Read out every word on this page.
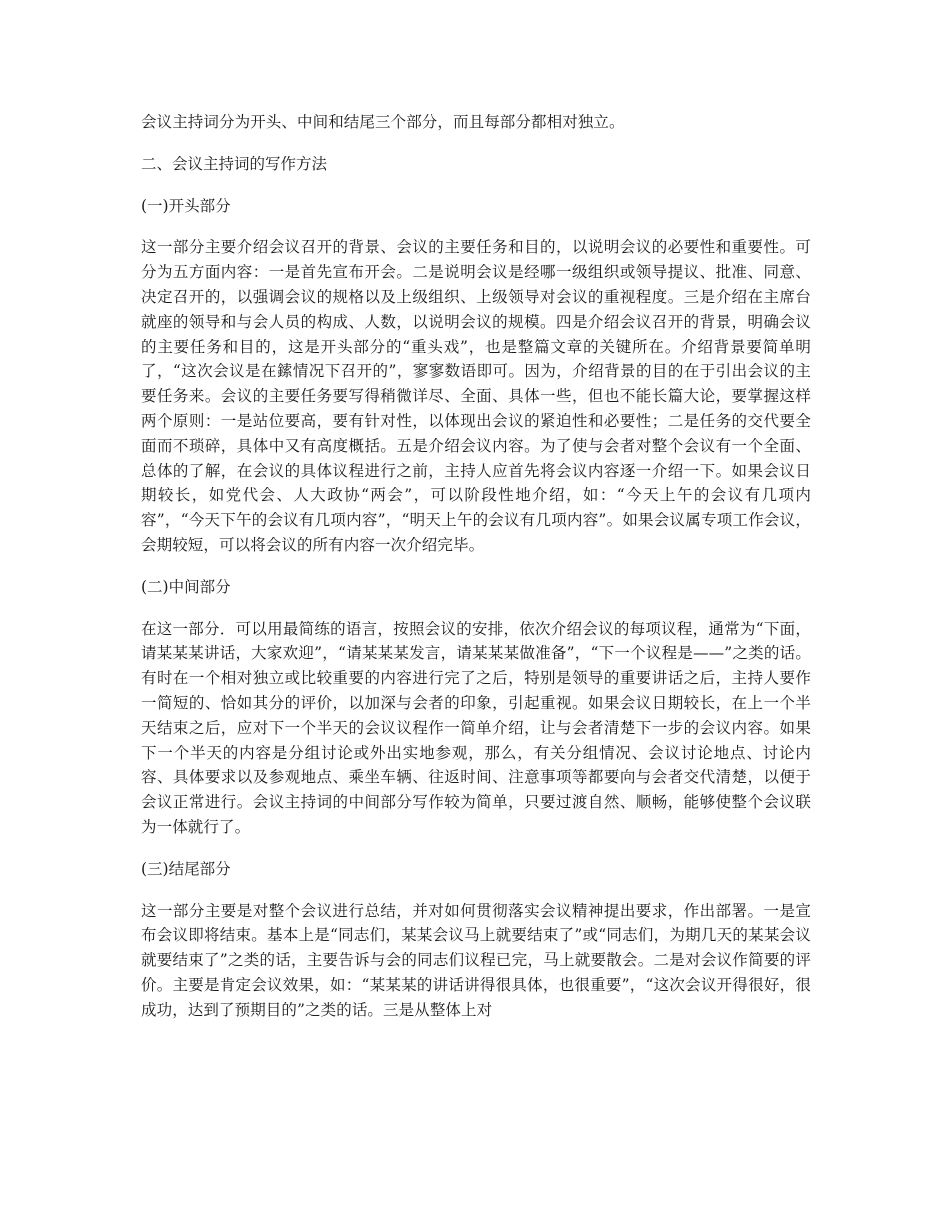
会议主持词分为开头、中间和结尾三个部分，而且每部分都相对独立。

二、会议主持词的写作方法

(一)开头部分

这一部分主要介绍会议召开的背景、会议的主要任务和目的，以说明会议的必要性和重要性。可分为五方面内容：一是首先宣布开会。二是说明会议是经哪一级组织或领导提议、批准、同意、决定召开的，以强调会议的规格以及上级组织、上级领导对会议的重视程度。三是介绍在主席台就座的领导和与会人员的构成、人数，以说明会议的规模。四是介绍会议召开的背景，明确会议的主要任务和目的，这是开头部分的“重头戏”，也是整篇文章的关键所在。介绍背景要简单明了，“这次会议是在鎍情况下召开的”，寥寥数语即可。因为，介绍背景的目的在于引出会议的主要任务来。会议的主要任务要写得稍微详尽、全面、具体一些，但也不能长篇大论，要掌握这样两个原则：一是站位要高，要有针对性，以体现出会议的紧迫性和必要性；二是任务的交代要全面而不琐碎，具体中又有高度概括。五是介绍会议内容。为了使与会者对整个会议有一个全面、总体的了解，在会议的具体议程进行之前，主持人应首先将会议内容逐一介绍一下。如果会议日期较长，如党代会、人大政协“两会”，可以阶段性地介绍，如：“今天上午的会议有几项内容”，“今天下午的会议有几项内容”，“明天上午的会议有几项内容”。如果会议属专项工作会议，会期较短，可以将会议的所有内容一次介绍完毕。

(二)中间部分

在这一部分．可以用最简练的语言，按照会议的安排，依次介绍会议的每项议程，通常为“下面，请某某某讲话，大家欢迎”，“请某某某发言，请某某某做准备”，“下一个议程是——”之类的话。有时在一个相对独立或比较重要的内容进行完了之后，特别是领导的重要讲话之后，主持人要作一简短的、恰如其分的评价，以加深与会者的印象，引起重视。如果会议日期较长，在上一个半天结束之后，应对下一个半天的会议议程作一简单介绍，让与会者清楚下一步的会议内容。如果下一个半天的内容是分组讨论或外出实地参观，那么，有关分组情况、会议讨论地点、讨论内容、具体要求以及参观地点、乘坐车辆、往返时间、注意事项等都要向与会者交代清楚，以便于会议正常进行。会议主持词的中间部分写作较为简单，只要过渡自然、顺畅，能够使整个会议联为一体就行了。

(三)结尾部分

这一部分主要是对整个会议进行总结，并对如何贯彻落实会议精神提出要求，作出部署。一是宣布会议即将结束。基本上是“同志们，某某会议马上就要结束了”或“同志们，为期几天的某某会议就要结束了”之类的话，主要告诉与会的同志们议程已完，马上就要散会。二是对会议作简要的评价。主要是肯定会议效果，如：“某某某的讲话讲得很具体，也很重要”，“这次会议开得很好，很成功，达到了预期目的”之类的话。三是从整体上对
